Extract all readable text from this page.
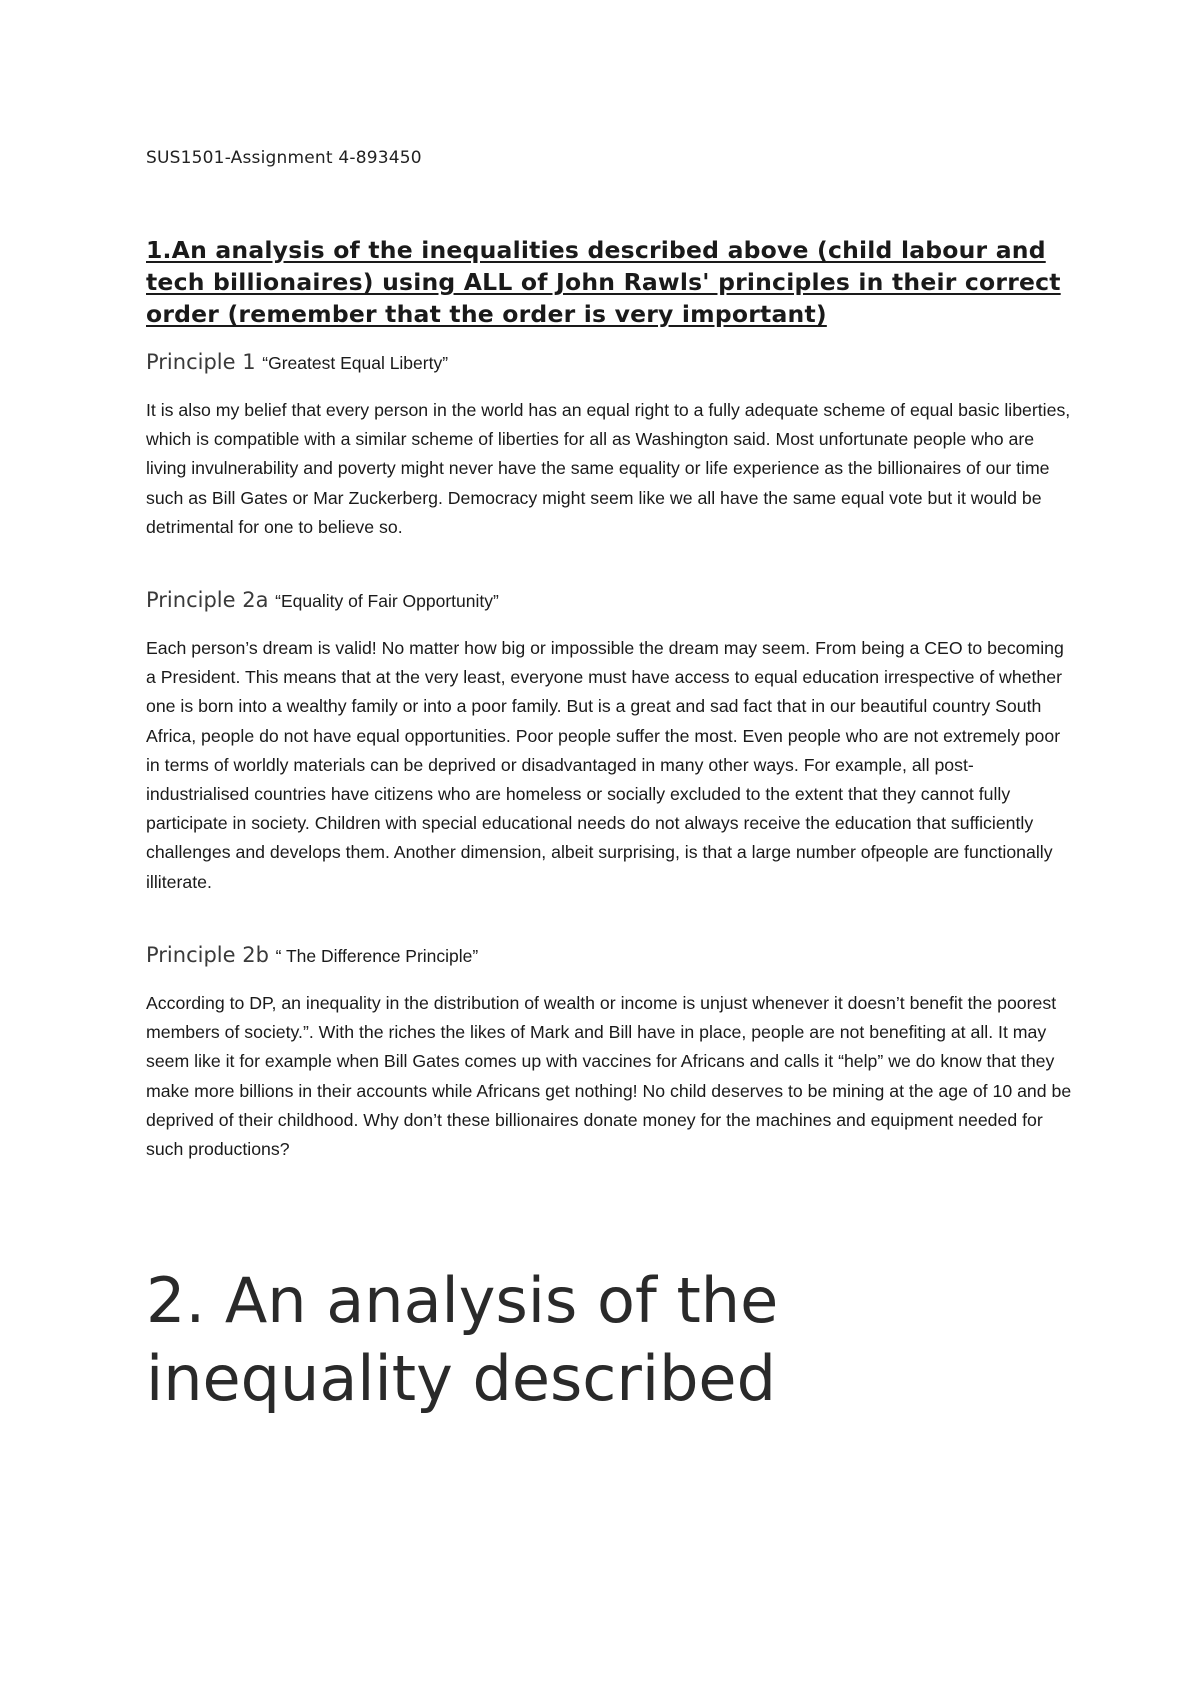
SUS1501-Assignment 4-893450
1.An analysis of the inequalities described above (child labour and tech billionaires) using ALL of John Rawls' principles in their correct order (remember that the order is very important)
Principle 1 “Greatest Equal Liberty”
It is also my belief that every person in the world has an equal right to a fully adequate scheme of equal basic liberties, which is compatible with a similar scheme of liberties for all as Washington said. Most unfortunate people who are living invulnerability and poverty might never have the same equality or life experience as the billionaires of our time such as Bill Gates or Mar Zuckerberg. Democracy might seem like we all have the same equal vote but it would be detrimental for one to believe so.
Principle 2a “Equality of Fair Opportunity”
Each person’s dream is valid! No matter how big or impossible the dream may seem. From being a CEO to becoming a President. This means that at the very least, everyone must have access to equal education irrespective of whether one is born into a wealthy family or into a poor family. But is a great and sad fact that in our beautiful country South Africa, people do not have equal opportunities. Poor people suffer the most. Even people who are not extremely poor in terms of worldly materials can be deprived or disadvantaged in many other ways. For example, all post-industrialised countries have citizens who are homeless or socially excluded to the extent that they cannot fully participate in society. Children with special educational needs do not always receive the education that sufficiently challenges and develops them. Another dimension, albeit surprising, is that a large number ofpeople are functionally illiterate.
Principle 2b “ The Difference Principle”
According to DP, an inequality in the distribution of wealth or income is unjust whenever it doesn’t benefit the poorest members of society.”. With the riches the likes of Mark and Bill have in place, people are not benefiting at all. It may seem like it for example when Bill Gates comes up with vaccines for Africans and calls it “help” we do know that they make more billions in their accounts while Africans get nothing! No child deserves to be mining at the age of 10 and be deprived of their childhood. Why don’t these billionaires donate money for the machines and equipment needed for such productions?
2. An analysis of the inequality described
